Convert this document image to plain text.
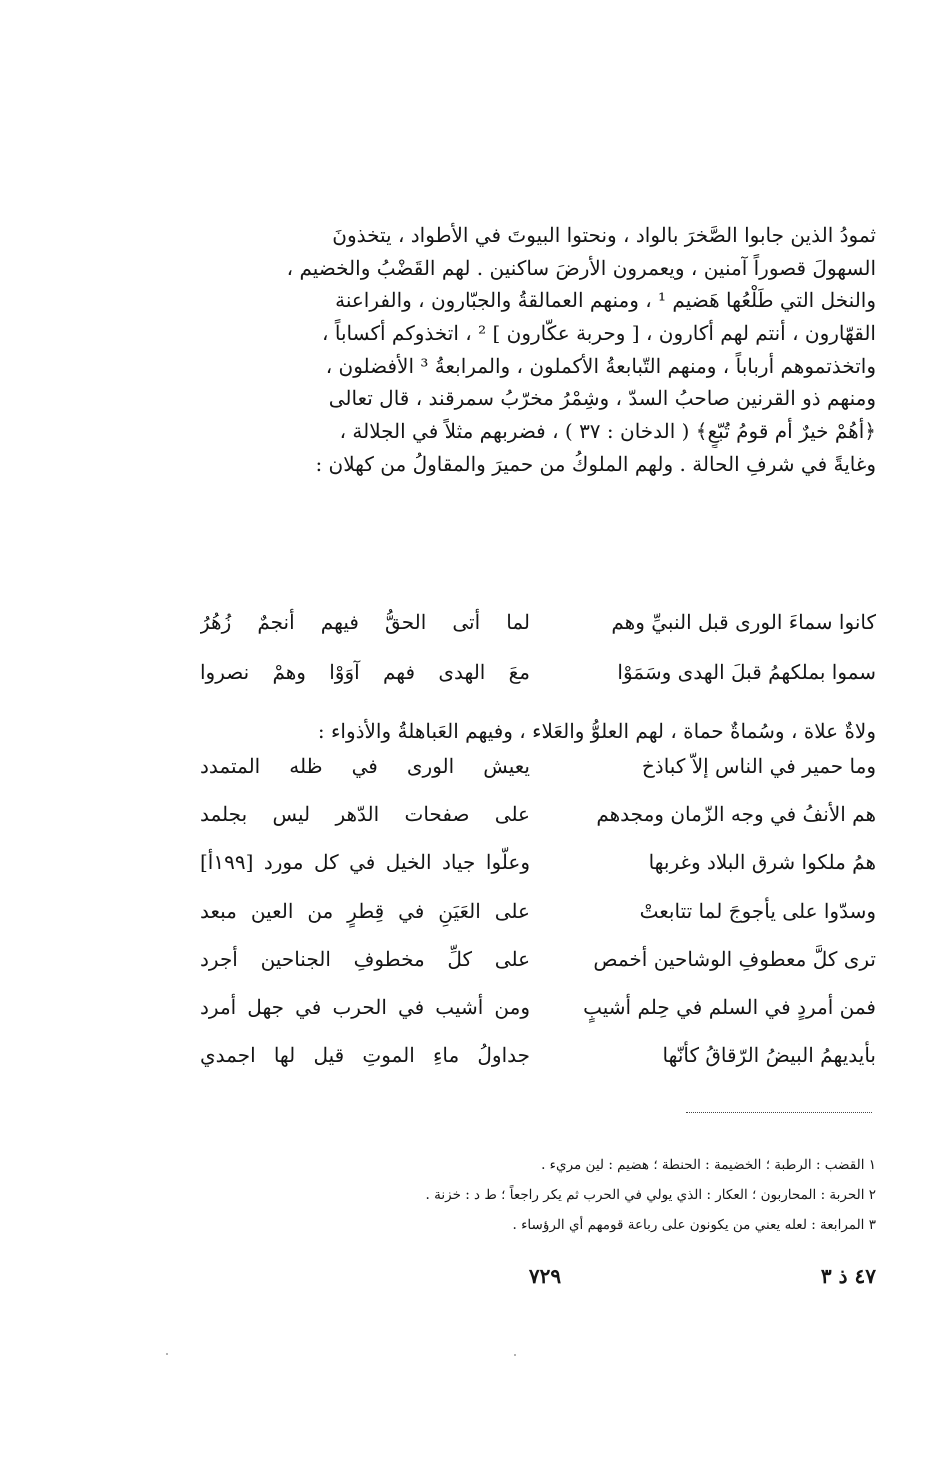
ثمودُ الذين جابوا الصَّخرَ بالواد ، ونحتوا البيوتَ في الأطواد ، يتخذونَ
السهولَ قصوراً آمنين ، ويعمرون الأرضَ ساكنين . لهم القَضْبُ والخضيم ،
والنخل التي طَلْعُها هَضيم ¹ ، ومنهم العمالقةُ والجبّارون ، والفراعنة
القهّارون ، أنتم لهم أكارون ، [ وحربة عكّارون ] ² ، اتخذوكم أكساباً ،
واتخذتموهم أرباباً ، ومنهم التّبابعةُ الأكملون ، والمرابعةُ ³ الأفضلون ،
ومنهم ذو القرنين صاحبُ السدّ ، وشِمْرُ مخرّبُ سمرقند ، قال تعالى
﴿أهُمْ خيرٌ أم قومُ تُبّعٍ﴾ ( الدخان : ٣٧ ) ، فضربهم مثلاً في الجلالة ،
وغايةً في شرفِ الحالة . ولهم الملوكُ من حميرَ والمقاولُ من كهلان :
كانوا سماءَ الورى قبل النبيِّ وهم
لما أتى الحقُّ فيهم أنجمٌ زُهُرُ
سموا بملكهمُ قبلَ الهدى وسَمَوْا
معَ الهدى فهم آوَوْا وهمْ نصروا
ولاةٌ علاة ، وسُماةٌ حماة ، لهم العلوُّ والعَلاء ، وفيهم العَباهلةُ والأذواء :
وما حمير في الناس إلاّ كباذخ
يعيش الورى في ظله المتمدد
هم الأنفُ في وجه الزّمان ومجدهم
على صفحات الدّهر ليس بجلمد
همُ ملكوا شرق البلاد وغربها
وعلّوا جياد الخيل في كل مورد [١٩٩أ]
وسدّوا على يأجوجَ لما تتابعتْ
على العَيَنِ في قِطرٍ من العين مبعد
ترى كلَّ معطوفِ الوشاحين أخمص
على كلِّ مخطوفِ الجناحين أجرد
فمن أمردٍ في السلم في حِلم أشيبٍ
ومن أشيب في الحرب في جهل أمرد
بأيديهمُ البيضُ الرّقاقُ كأنّها
جداولُ ماءِ الموتِ قيل لها اجمدي
١ القضب : الرطبة ؛ الخضيمة : الحنطة ؛ هضيم : لين مريء .
٢ الحربة : المحاربون ؛ العكار : الذي يولي في الحرب ثم يكر راجعاً ؛ ط د : خزنة .
٣ المرابعة : لعله يعني من يكونون على رباعة قومهم أي الرؤساء .
٧٢٩	٤٧ ذ ٣
